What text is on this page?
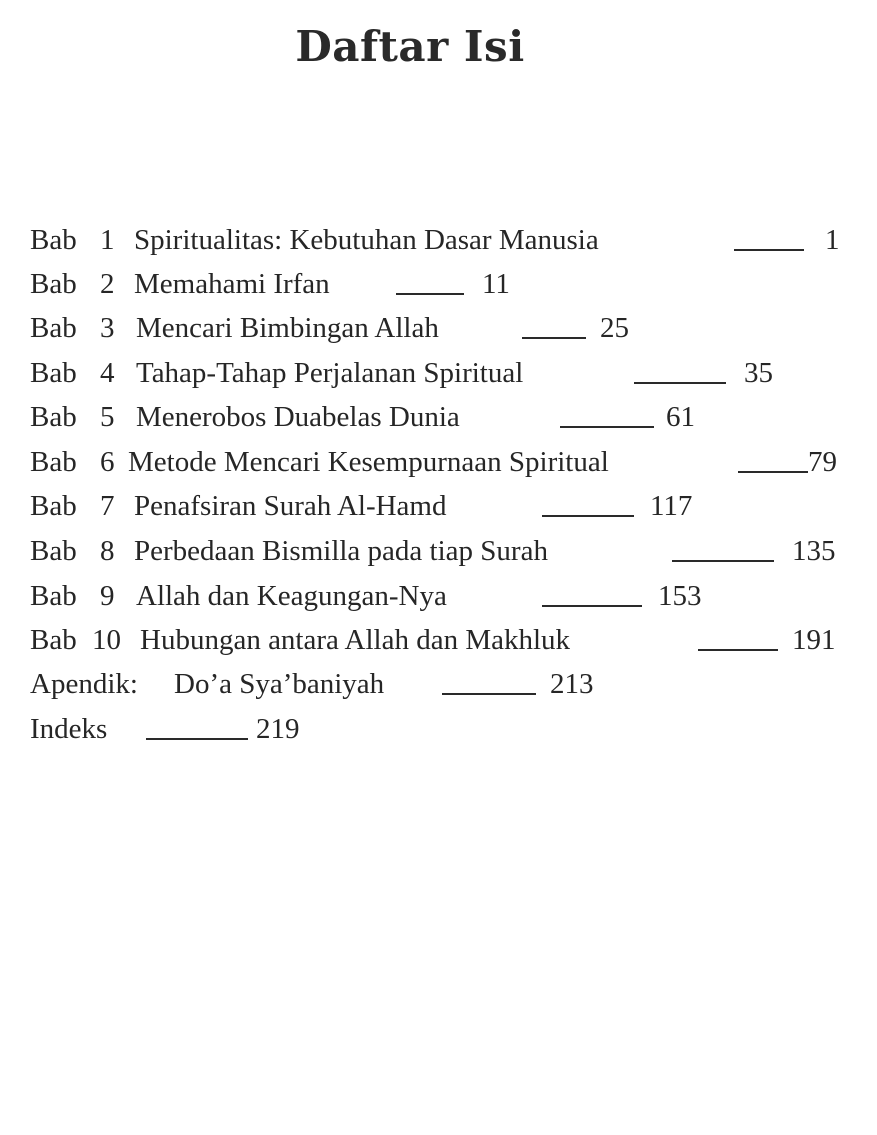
Daftar Isi
Bab 1 Spiritualitas: Kebutuhan Dasar Manusia	1
Bab 2 Memahami Irfan	11
Bab 3 Mencari Bimbingan Allah	25
Bab 4 Tahap-Tahap Perjalanan Spiritual	35
Bab 5 Menerobos Duabelas Dunia	61
Bab 6 Metode Mencari Kesempurnaan Spiritual	79
Bab 7 Penafsiran Surah Al-Hamd	117
Bab 8 Perbedaan Bismilla pada tiap Surah	135
Bab 9 Allah dan Keagungan-Nya	153
Bab 10 Hubungan antara Allah dan Makhluk	191
Apendik: Do’a Sya’baniyah	213
Indeks	219
